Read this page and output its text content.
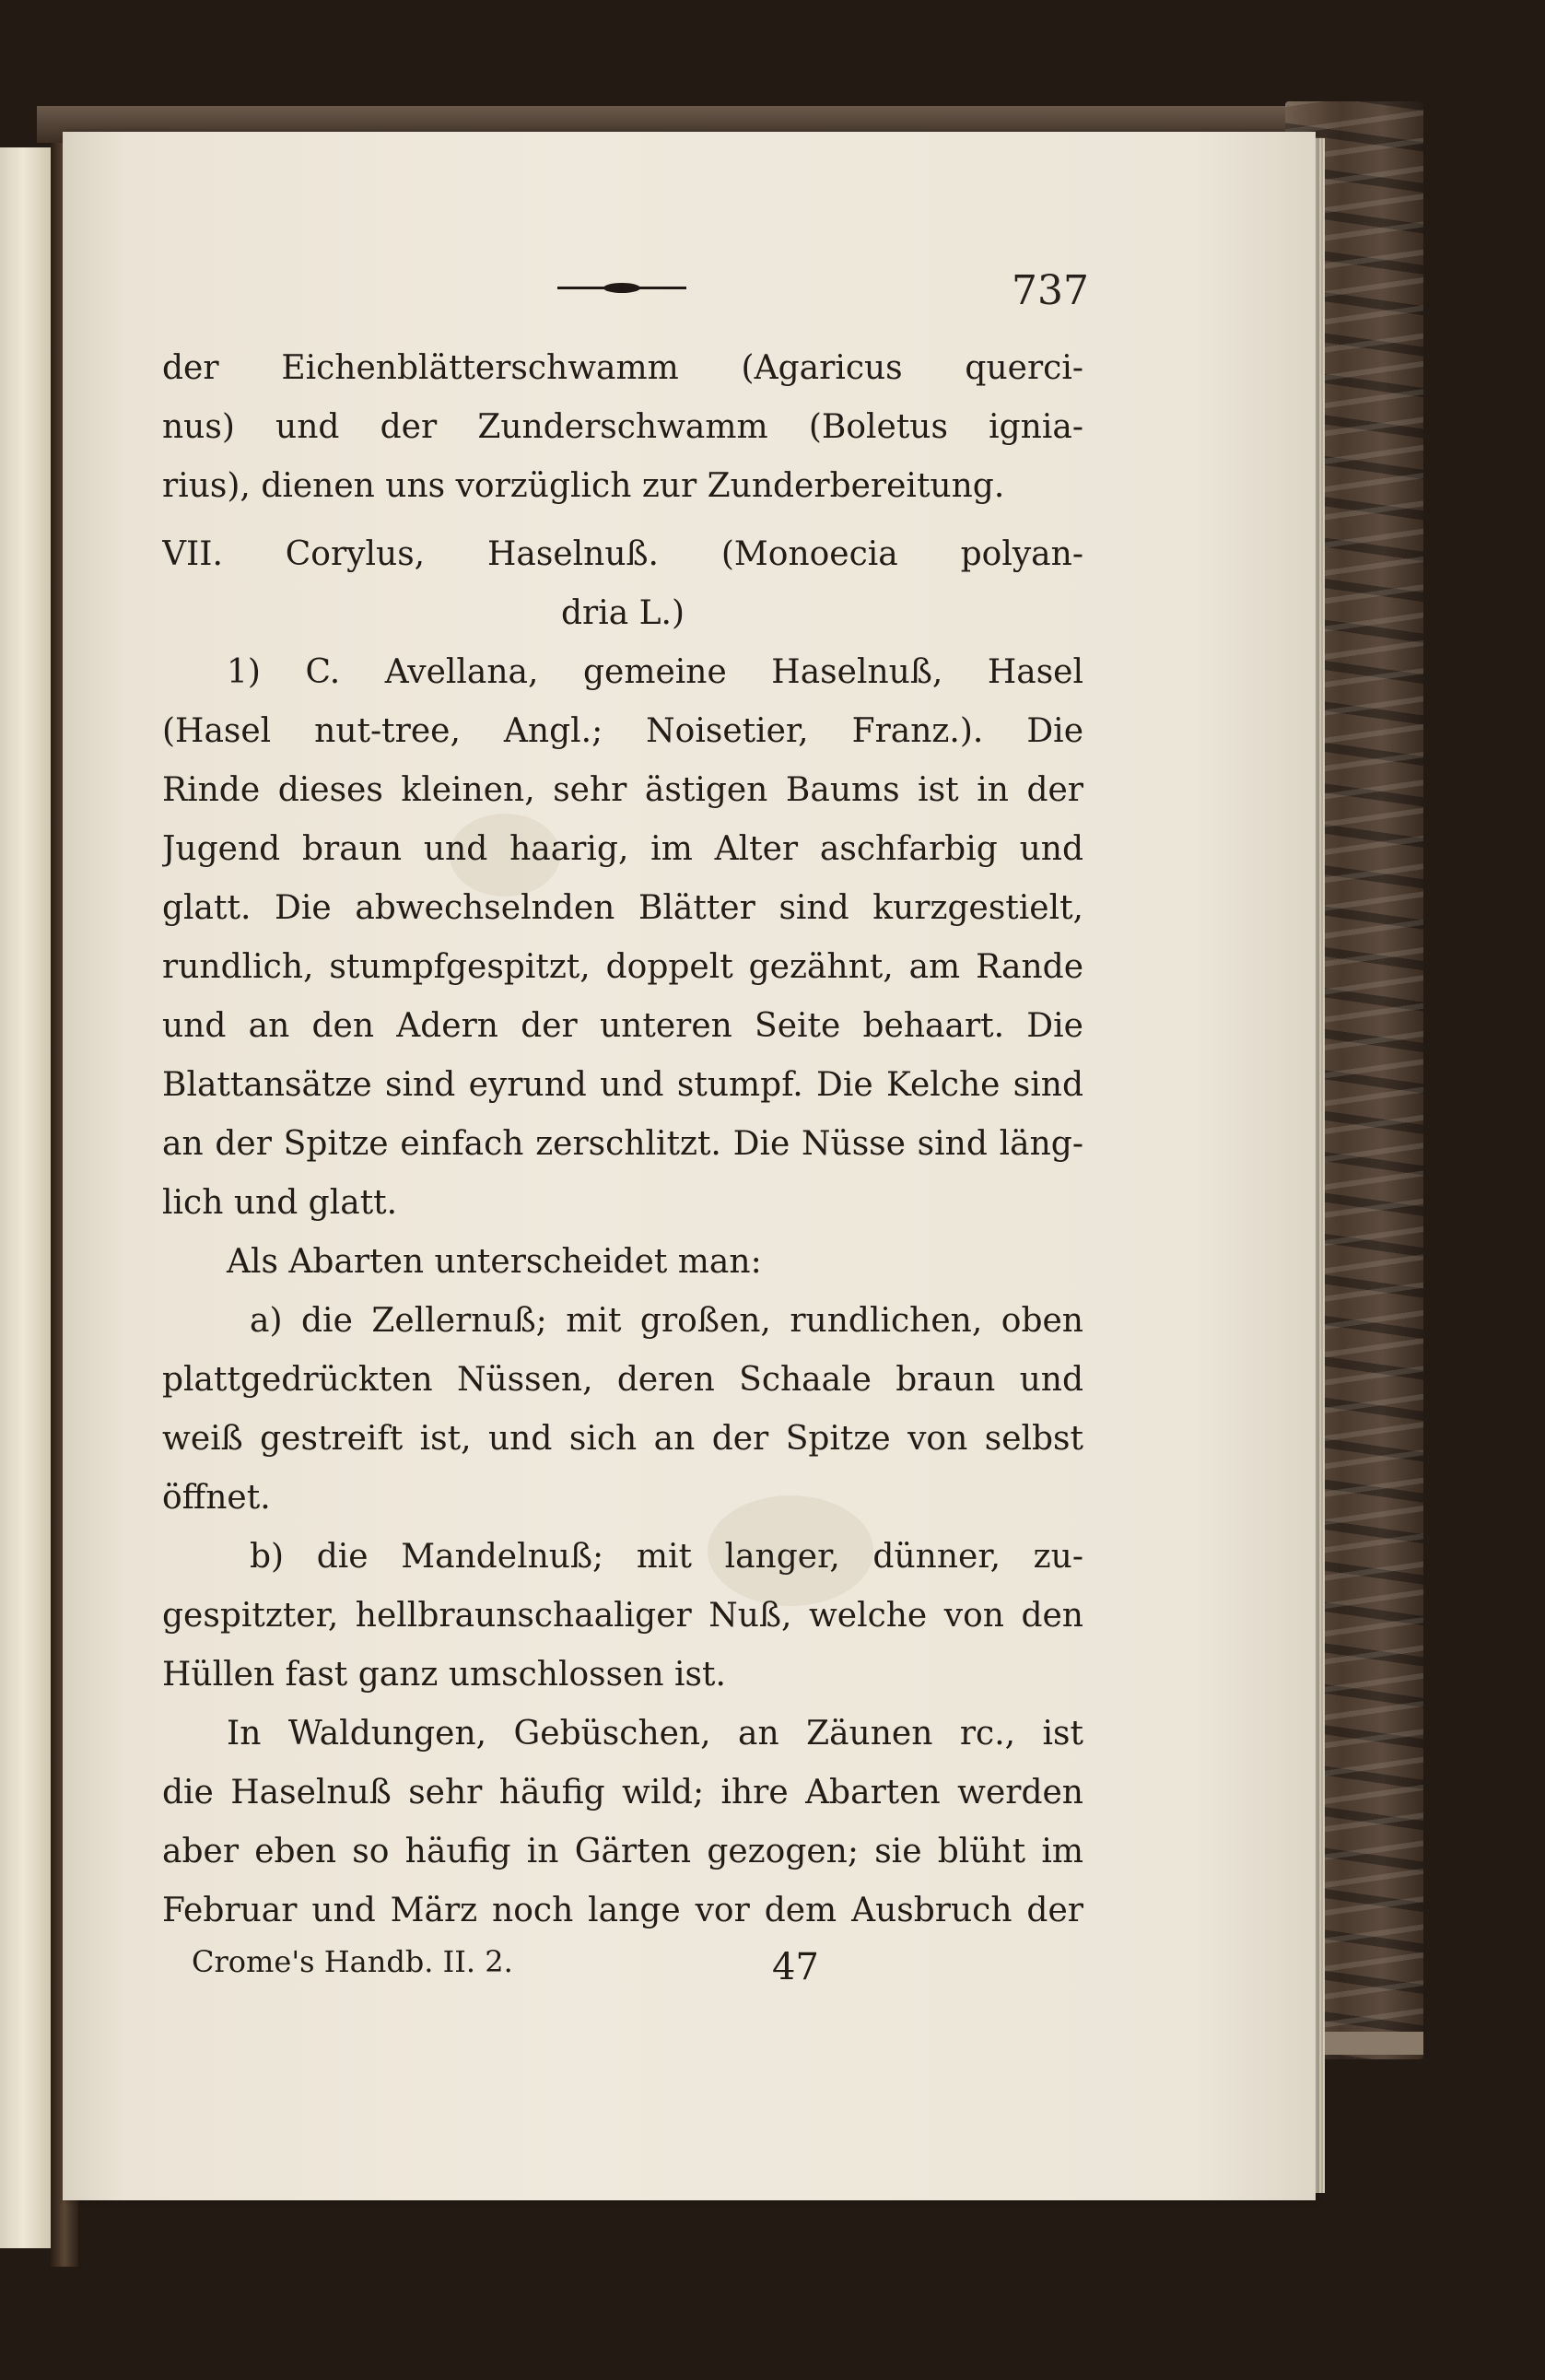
737
der Eichenblätterschwamm (Agaricus querci-
nus) und der Zunderschwamm (Boletus ignia-
rius), dienen uns vorzüglich zur Zunderbereitung.
VII. Corylus, Haselnuß. (Monoecia polyan-
dria L.)
1) C. Avellana, gemeine Haselnuß, Hasel
(Hasel nut-tree, Angl.; Noisetier, Franz.). Die
Rinde dieses kleinen, sehr ästigen Baums ist in der
Jugend braun und haarig, im Alter aschfarbig und
glatt. Die abwechselnden Blätter sind kurzgestielt,
rundlich, stumpfgespitzt, doppelt gezähnt, am Rande
und an den Adern der unteren Seite behaart. Die
Blattansätze sind eyrund und stumpf. Die Kelche sind
an der Spitze einfach zerschlitzt. Die Nüsse sind läng-
lich und glatt.
Als Abarten unterscheidet man:
a) die Zellernuß; mit großen, rundlichen, oben
plattgedrückten Nüssen, deren Schaale braun und
weiß gestreift ist, und sich an der Spitze von selbst
öffnet.
b) die Mandelnuß; mit langer, dünner, zu-
gespitzter, hellbraunschaaliger Nuß, welche von den
Hüllen fast ganz umschlossen ist.
In Waldungen, Gebüschen, an Zäunen rc., ist
die Haselnuß sehr häufig wild; ihre Abarten werden
aber eben so häufig in Gärten gezogen; sie blüht im
Februar und März noch lange vor dem Ausbruch der
Crome's Handb. II. 2.	47
